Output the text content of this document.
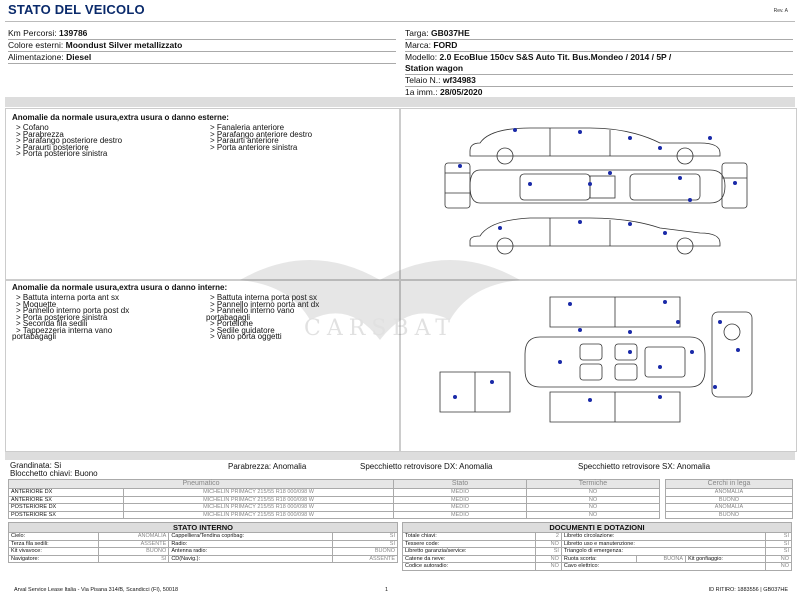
STATO DEL VEICOLO	Rev. A
Km Percorsi: 139786
Colore esterni: Moondust Silver metallizzato
Alimentazione: Diesel
Targa: GB037HE
Marca: FORD
Modello: 2.0 EcoBlue 150cv S&S Auto Tit. Bus.Mondeo / 2014 / 5P /
Station wagon
Telaio N.: wf34983
1a imm.: 28/05/2020
Anomalie da normale usura,extra usura o danno esterne:
> Cofano
> Parabrezza
> Parafango posteriore destro
> Paraurti posteriore
> Porta posteriore sinistra
> Fanaleria anteriore
> Parafango anteriore destro
> Paraurti anteriore
> Porta anteriore sinistra
Anomalie da normale usura,extra usura o danno interne:
> Battuta interna porta ant sx
> Moquette
> Pannello interno porta post dx
> Porta posteriore sinistra
> Seconda fila sedili
> Tappezzeria interna vano
portabagagli
> Battuta interna porta post sx
> Pannello interno porta ant dx
> Pannello interno vano
portabagagli
> Portellone
> Sedile guidatore
> Vano porta oggetti	CARSBAT
Grandinata: Si
Blocchetto chiavi: Buono
Parabrezza: Anomalia	Specchietto retrovisore DX: Anomalia	Specchietto retrovisore SX: Anomalia
Pneumatico		Stato	Termiche
ANTERIORE DX	MICHELIN PRIMACY 215/55 R18 000/098 W	MEDIO	NO
ANTERIORE SX	MICHELIN PRIMACY 215/55 R18 000/098 W	MEDIO	NO
POSTERIORE DX	MICHELIN PRIMACY 215/55 R18 000/098 W	MEDIO	NO
POSTERIORE SX	MICHELIN PRIMACY 215/55 R18 000/098 W	MEDIO	NO
Cerchi in lega
ANOMALIA
BUONO
ANOMALIA
BUONO
STATO INTERNO
Cielo:	ANOMALIA	Cappelliera/Tendina copribag:	SI
Terza fila sedili:	ASSENTE	Radio:	SI
Kit vivavoce:	BUONO	Antenna radio:	BUONO
Navigatore:	SI	CD(Navig.):	ASSENTE
DOCUMENTI E DOTAZIONI
Totale chiavi:	2	Libretto circolazione:			SI
Tessere code:	NO	Libretto uso e manutenzione:			SI
Libretto garanzia/service:	SI	Triangolo di emergenza:			SI
Catene da neve:	NO	Ruota scorta:	BUONA	Kit gonfiaggio:	NO
Codice autoradio:	NO	Cavo elettrico:			NO
Arval Service Lease Italia - Via Pisana 314/B, Scandicci (FI), 50018	1	ID RITIRO: 1883556 | GB037HE
